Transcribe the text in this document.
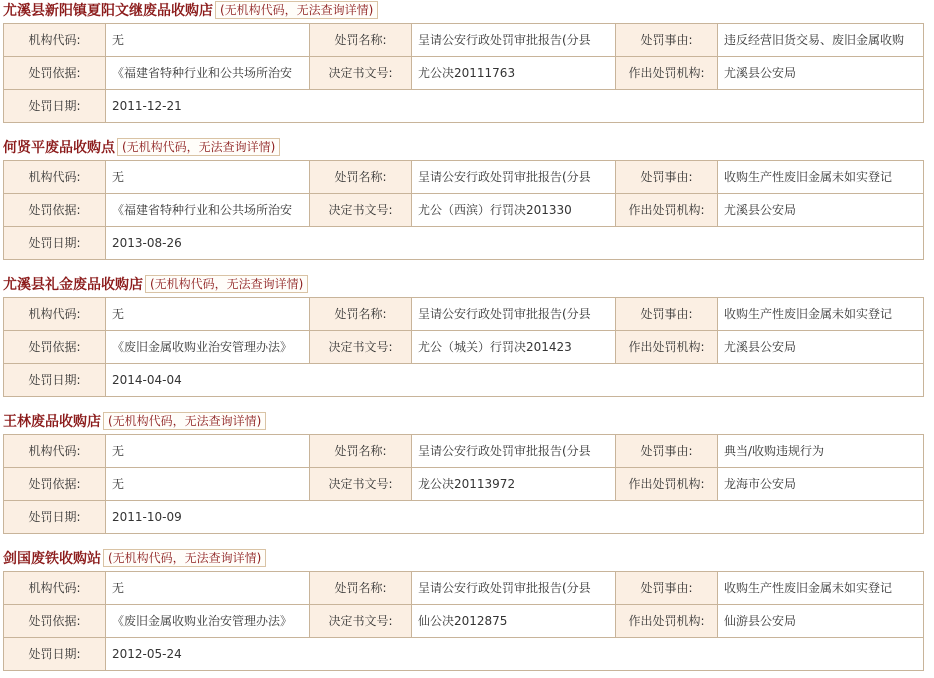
尤溪县新阳镇夏阳文继废品收购店 (无机构代码，无法查询详情)
机构代码:	无	处罚名称:	呈请公安行政处罚审批报告(分县	处罚事由:	违反经营旧货交易、废旧金属收购
处罚依据:	《福建省特种行业和公共场所治安	决定书文号:	尤公决20111763	作出处罚机构:	尤溪县公安局
处罚日期:	2011-12-21				
何贤平废品收购点 (无机构代码，无法查询详情)
机构代码:	无	处罚名称:	呈请公安行政处罚审批报告(分县	处罚事由:	收购生产性废旧金属未如实登记
处罚依据:	《福建省特种行业和公共场所治安	决定书文号:	尤公（西滨）行罚决201330	作出处罚机构:	尤溪县公安局
处罚日期:	2013-08-26				
尤溪县礼金废品收购店 (无机构代码，无法查询详情)
机构代码:	无	处罚名称:	呈请公安行政处罚审批报告(分县	处罚事由:	收购生产性废旧金属未如实登记
处罚依据:	《废旧金属收购业治安管理办法》	决定书文号:	尤公（城关）行罚决201423	作出处罚机构:	尤溪县公安局
处罚日期:	2014-04-04				
王林废品收购店 (无机构代码，无法查询详情)
机构代码:	无	处罚名称:	呈请公安行政处罚审批报告(分县	处罚事由:	典当/收购违规行为
处罚依据:	无	决定书文号:	龙公决20113972	作出处罚机构:	龙海市公安局
处罚日期:	2011-10-09				
剑国废铁收购站 (无机构代码，无法查询详情)
机构代码:	无	处罚名称:	呈请公安行政处罚审批报告(分县	处罚事由:	收购生产性废旧金属未如实登记
处罚依据:	《废旧金属收购业治安管理办法》	决定书文号:	仙公决2012875	作出处罚机构:	仙游县公安局
处罚日期:	2012-05-24				
